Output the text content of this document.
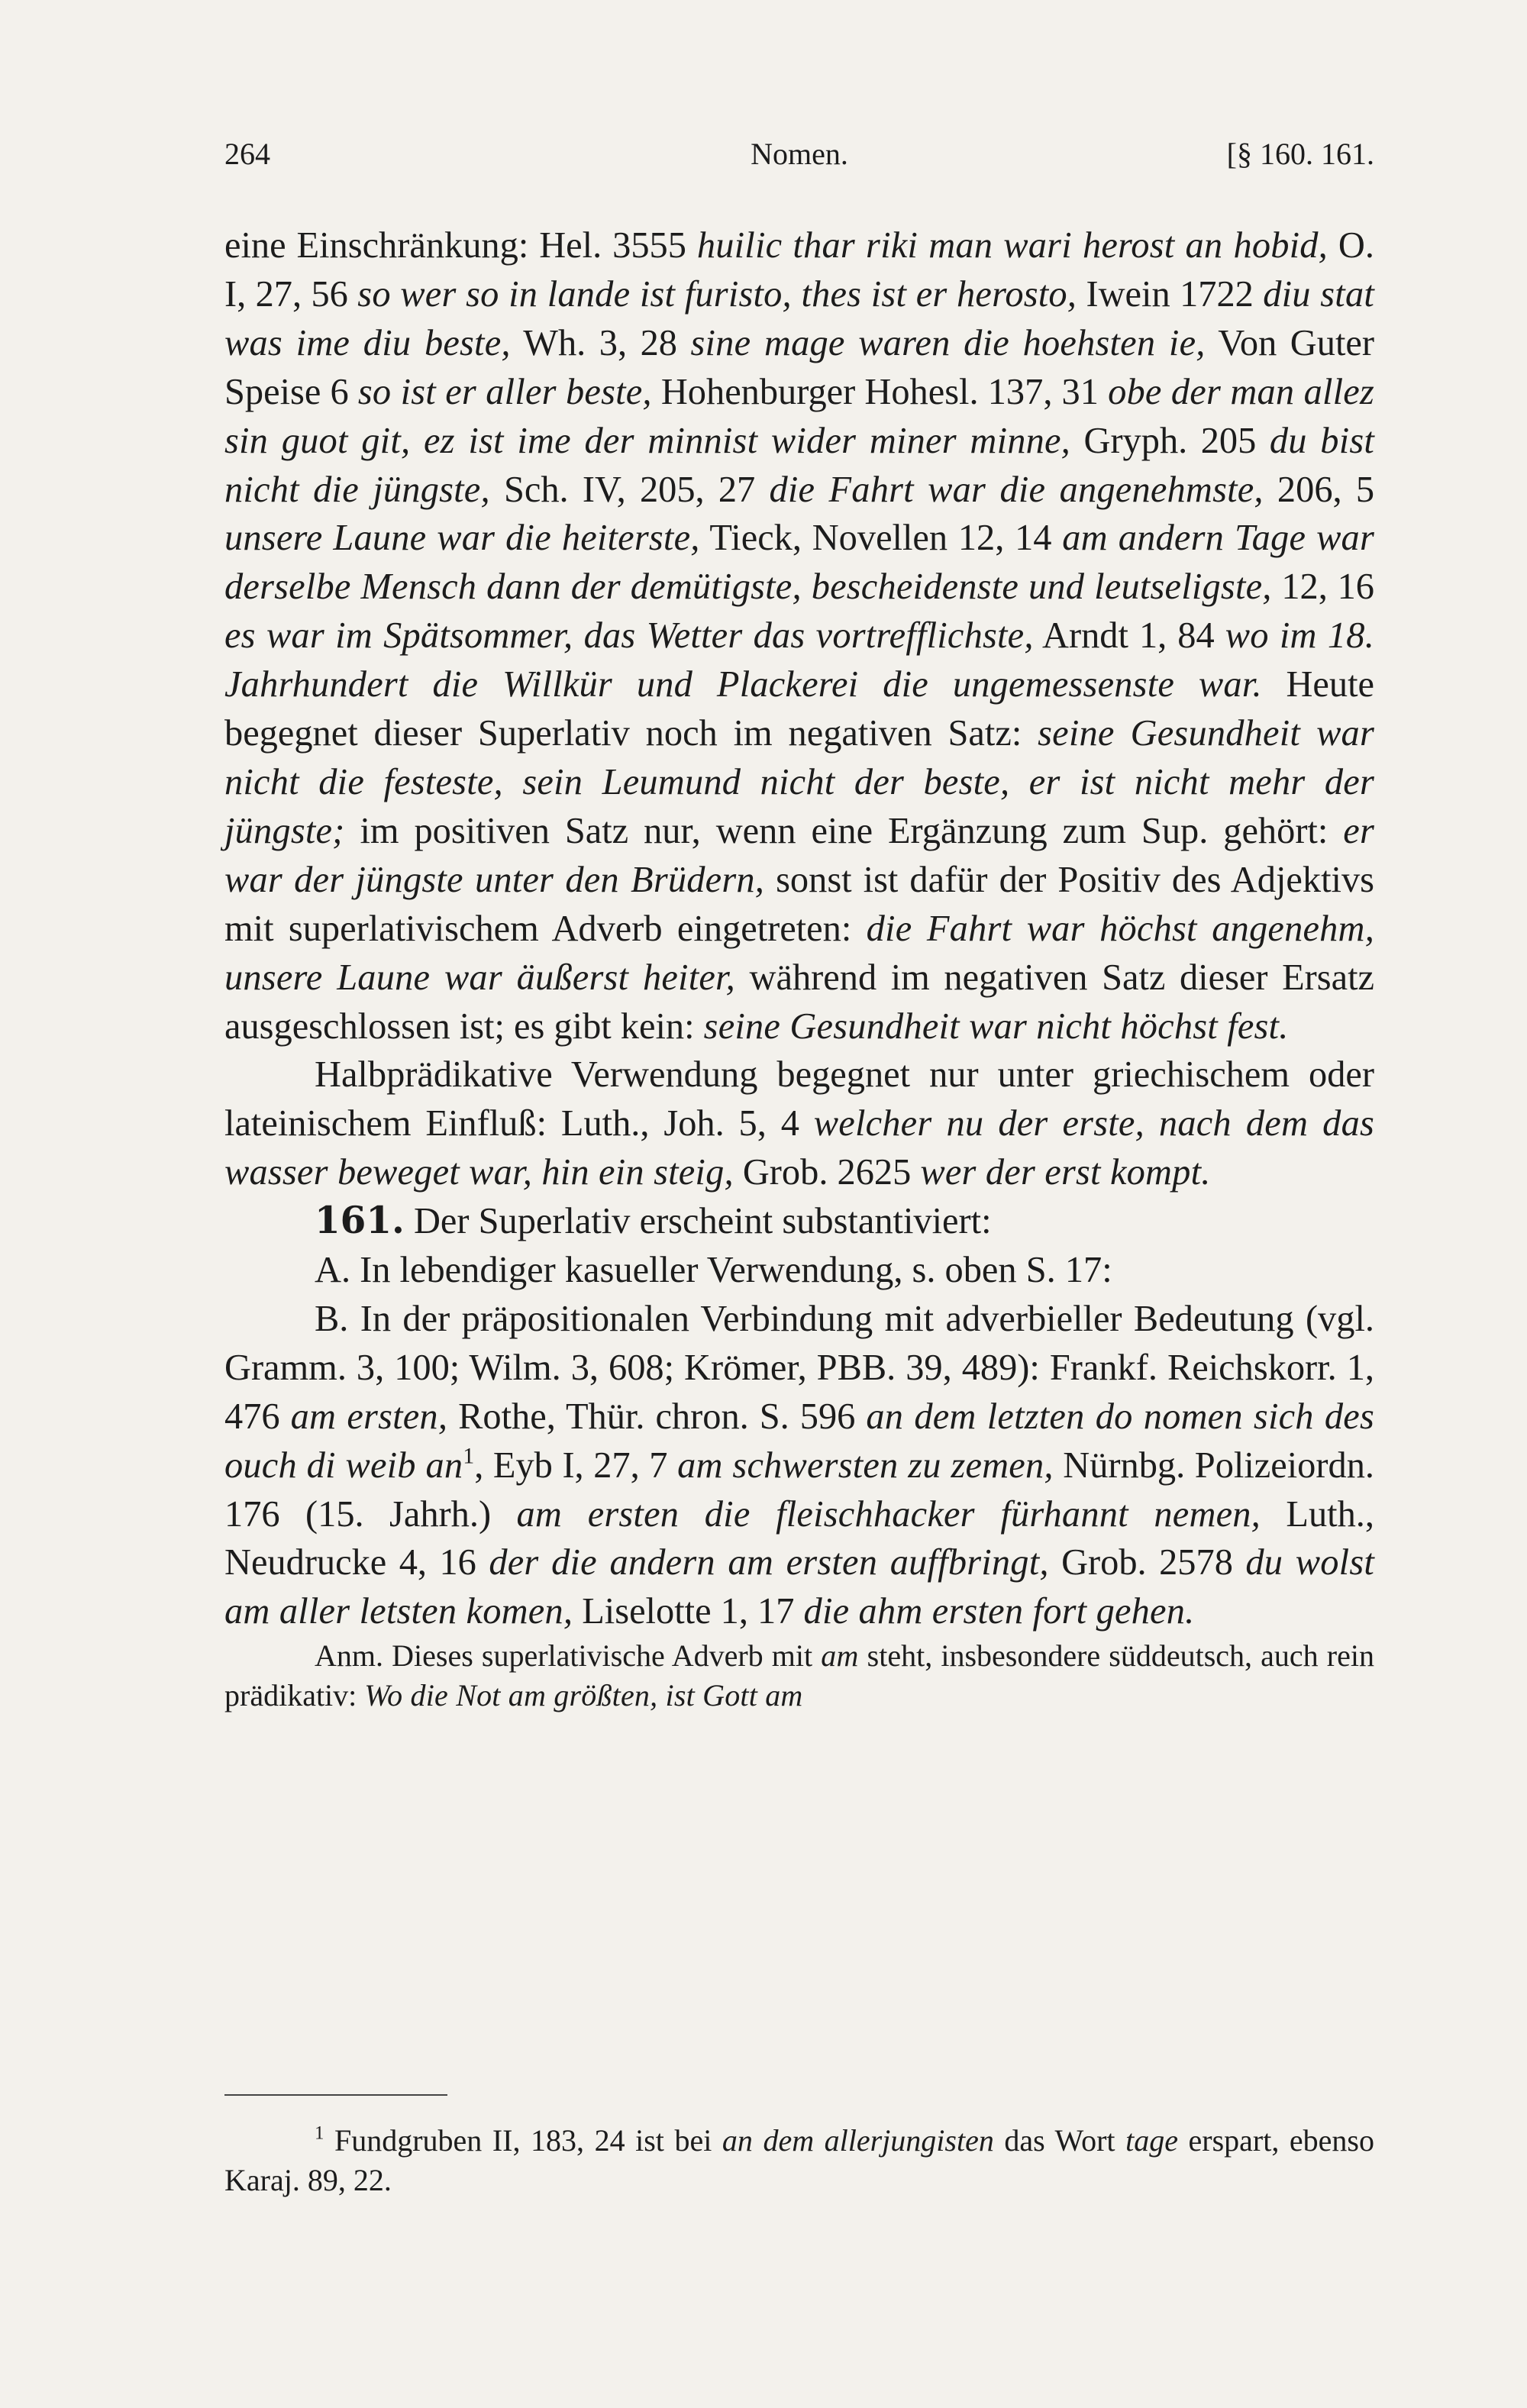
264	Nomen.	[§ 160. 161.

eine Einschränkung: Hel. 3555 huilic thar riki man wari herost an hobid, O. I, 27, 56 so wer so in lande ist furisto, thes ist er herosto, Iwein 1722 diu stat was ime diu beste, Wh. 3, 28 sine mage waren die hoehsten ie, Von Guter Speise 6 so ist er aller beste, Hohenburger Hohesl. 137, 31 obe der man allez sin guot git, ez ist ime der minnist wider miner minne, Gryph. 205 du bist nicht die jüngste, Sch. IV, 205, 27 die Fahrt war die angenehmste, 206, 5 unsere Laune war die heiterste, Tieck, Novellen 12, 14 am andern Tage war derselbe Mensch dann der demütigste, bescheidenste und leutseligste, 12, 16 es war im Spätsommer, das Wetter das vortrefflichste, Arndt 1, 84 wo im 18. Jahrhundert die Willkür und Plackerei die ungemessenste war. Heute begegnet dieser Superlativ noch im negativen Satz: seine Gesundheit war nicht die festeste, sein Leumund nicht der beste, er ist nicht mehr der jüngste; im positiven Satz nur, wenn eine Ergänzung zum Sup. gehört: er war der jüngste unter den Brüdern, sonst ist dafür der Positiv des Adjektivs mit superlativischem Adverb eingetreten: die Fahrt war höchst angenehm, unsere Laune war äußerst heiter, während im negativen Satz dieser Ersatz ausgeschlossen ist; es gibt kein: seine Gesundheit war nicht höchst fest.

Halbprädikative Verwendung begegnet nur unter griechischem oder lateinischem Einfluß: Luth., Joh. 5, 4 welcher nu der erste, nach dem das wasser beweget war, hin ein steig, Grob. 2625 wer der erst kompt.

161. Der Superlativ erscheint substantiviert:

A. In lebendiger kasueller Verwendung, s. oben S. 17:

B. In der präpositionalen Verbindung mit adverbieller Bedeutung (vgl. Gramm. 3, 100; Wilm. 3, 608; Krömer, PBB. 39, 489): Frankf. Reichskorr. 1, 476 am ersten, Rothe, Thür. chron. S. 596 an dem letzten do nomen sich des ouch di weib $an^1$, Eyb I, 27, 7 am schwersten zu zemen, Nürnbg. Polizeiordn. 176 (15. Jahrh.) am ersten die fleischhacker fürhannt nemen, Luth., Neudrucke 4, 16 der die andern am ersten auffbringt, Grob. 2578 du wolst am aller letsten komen, Liselotte 1, 17 die ahm ersten fort gehen.

Anm. Dieses superlativische Adverb mit am steht, insbesondere süddeutsch, auch rein prädikativ: Wo die Not am größten, ist Gott am

$^1$ Fundgruben II, 183, 24 ist bei an dem allerjungisten das Wort tage erspart, ebenso Karaj. 89, 22.
